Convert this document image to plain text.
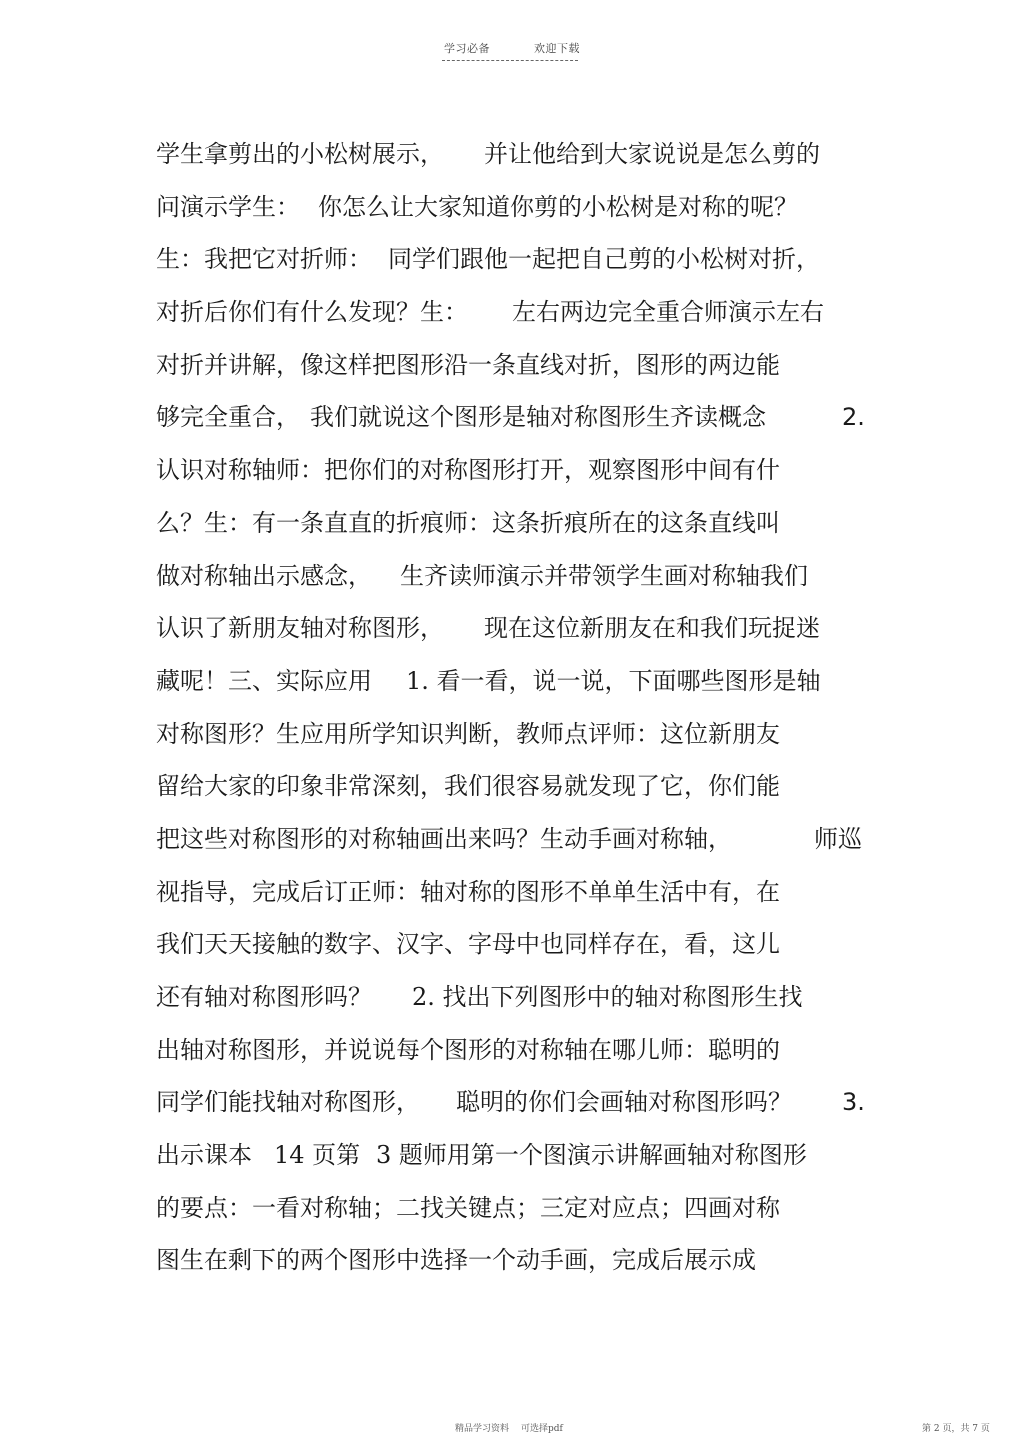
学习必备	欢迎下载
学生拿剪出的小松树展示， 并让他给到大家说说是怎么剪的
问演示学生： 你怎么让大家知道你剪的小松树是对称的呢？
生：我把它对折师： 同学们跟他一起把自己剪的小松树对折，
对折后你们有什么发现？生： 左右两边完全重合师演示左右
对折并讲解，像这样把图形沿一条直线对折，图形的两边能
够完全重合， 我们就说这个图形是轴对称图形生齐读概念	2.
认识对称轴师：把你们的对称图形打开，观察图形中间有什
么？生：有一条直直的折痕师：这条折痕所在的这条直线叫
做对称轴出示感念， 生齐读师演示并带领学生画对称轴我们
认识了新朋友轴对称图形， 现在这位新朋友在和我们玩捉迷
藏呢！三、实际应用 1. 看一看，说一说，下面哪些图形是轴
对称图形？生应用所学知识判断，教师点评师：这位新朋友
留给大家的印象非常深刻，我们很容易就发现了它，你们能
把这些对称图形的对称轴画出来吗？生动手画对称轴，	师巡
视指导，完成后订正师：轴对称的图形不单单生活中有，在
我们天天接触的数字、汉字、字母中也同样存在，看，这儿
还有轴对称图形吗？ 2. 找出下列图形中的轴对称图形生找
出轴对称图形，并说说每个图形的对称轴在哪儿师：聪明的
同学们能找轴对称图形， 聪明的你们会画轴对称图形吗？ 3.
出示课本 14 页第 3 题师用第一个图演示讲解画轴对称图形
的要点：一看对称轴；二找关键点；三定对应点；四画对称
图生在剩下的两个图形中选择一个动手画，完成后展示成
精品学习资料 可选择pdf	第 2 页，共 7 页
